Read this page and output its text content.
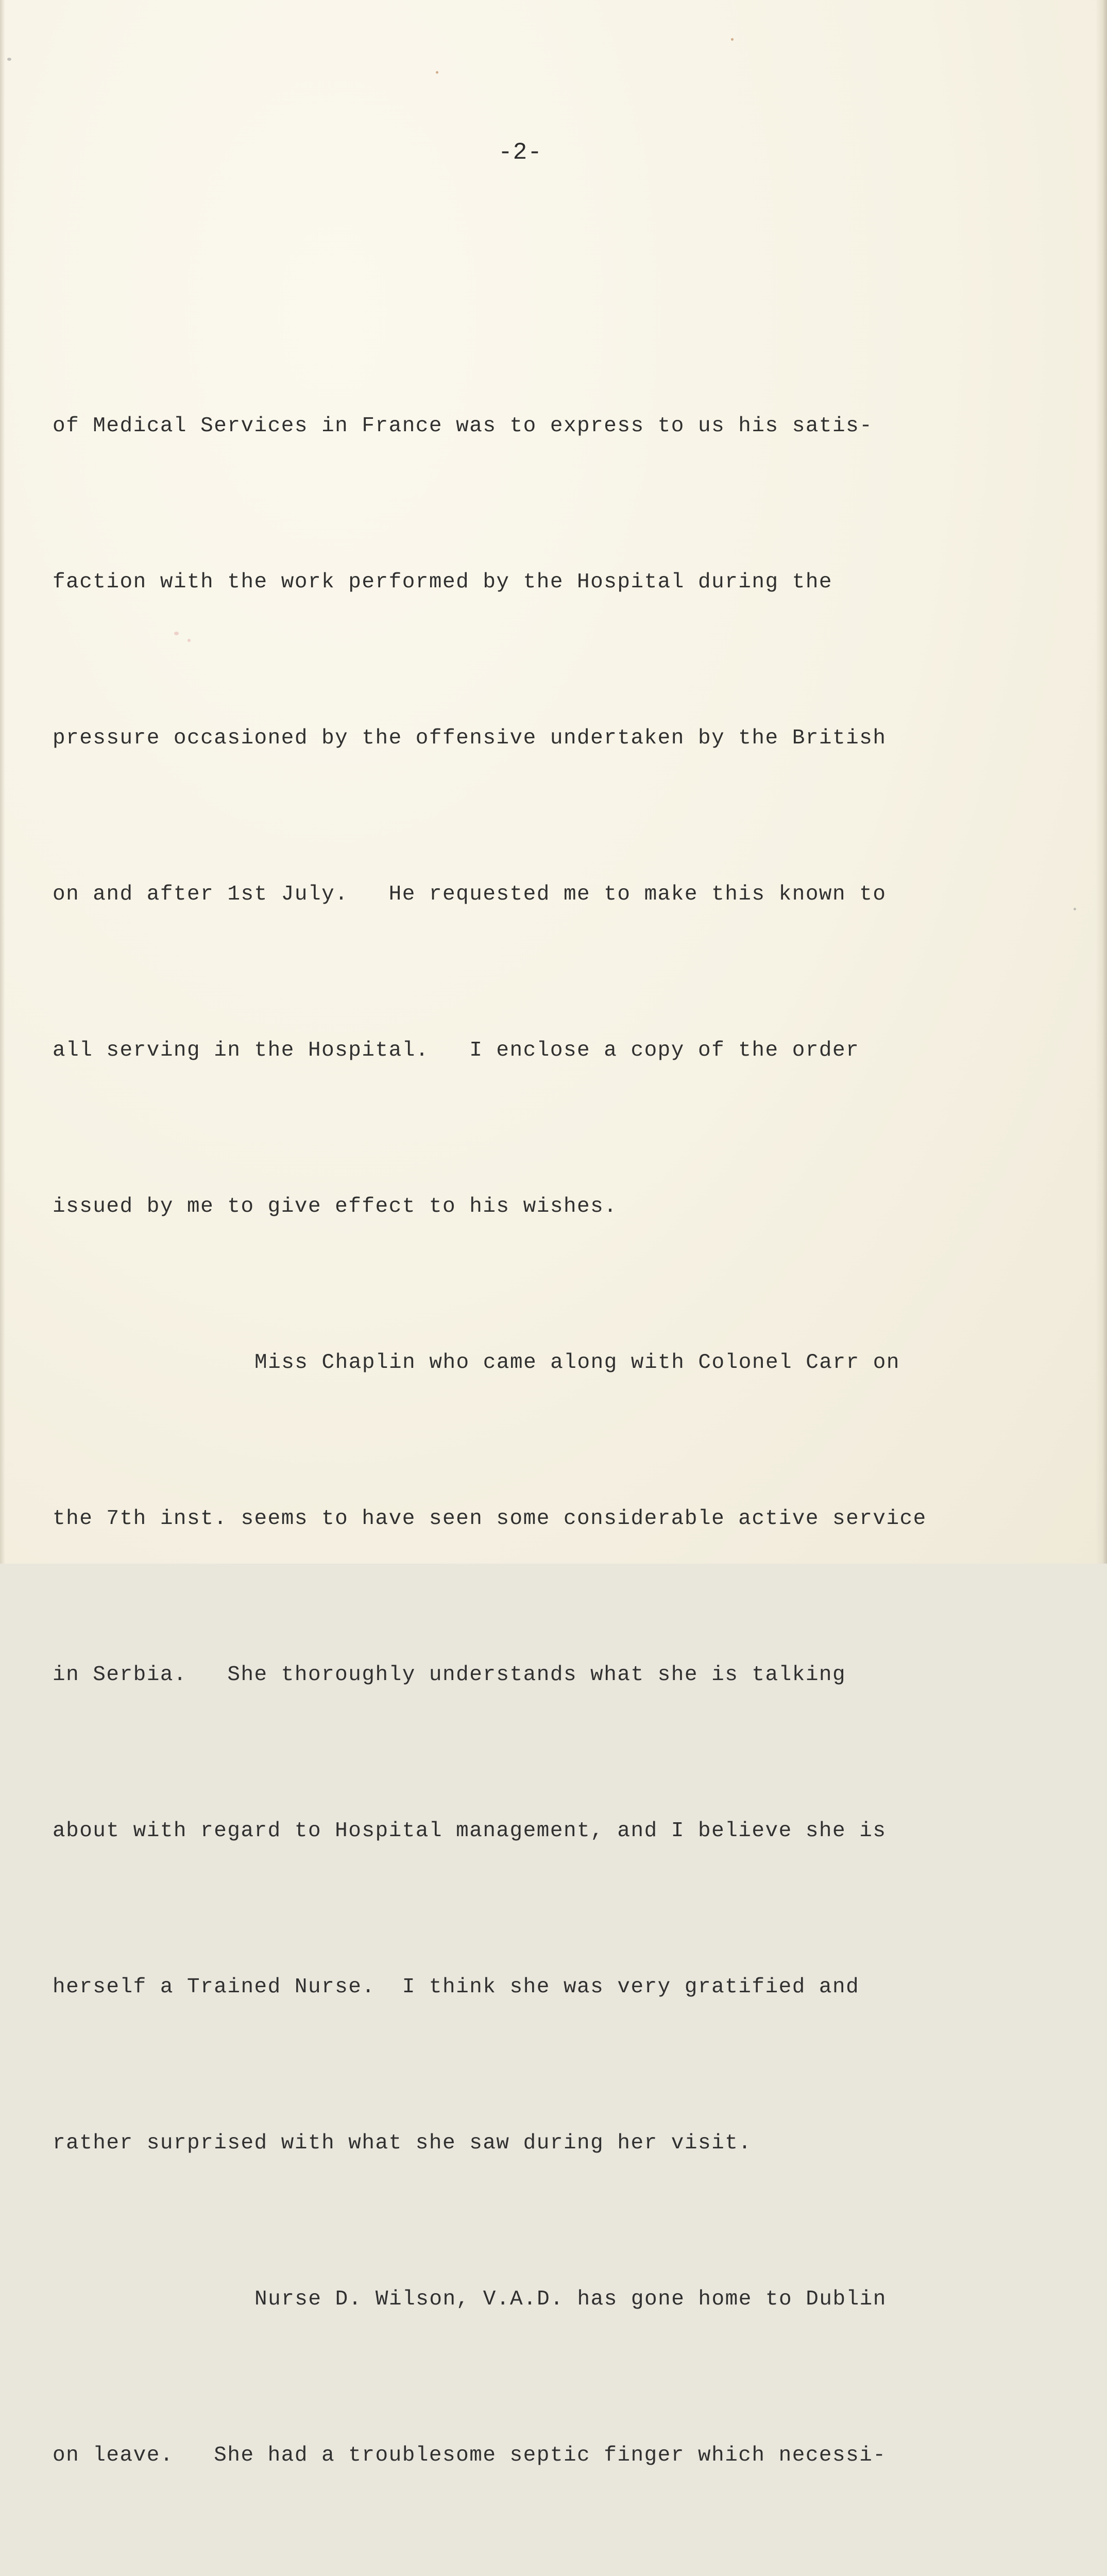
-2-

of Medical Services in France was to express to us his satis-

faction with the work performed by the Hospital during the

pressure occasioned by the offensive undertaken by the British

on and after 1st July.   He requested me to make this known to

all serving in the Hospital.   I enclose a copy of the order

issued by me to give effect to his wishes.

Miss Chaplin who came along with Colonel Carr on

the 7th inst. seems to have seen some considerable active service

in Serbia.   She thoroughly understands what she is talking

about with regard to Hospital management, and I believe she is

herself a Trained Nurse.  I think she was very gratified and

rather surprised with what she saw during her visit.

Nurse D. Wilson, V.A.D. has gone home to Dublin

on leave.   She had a troublesome septic finger which necessi-
